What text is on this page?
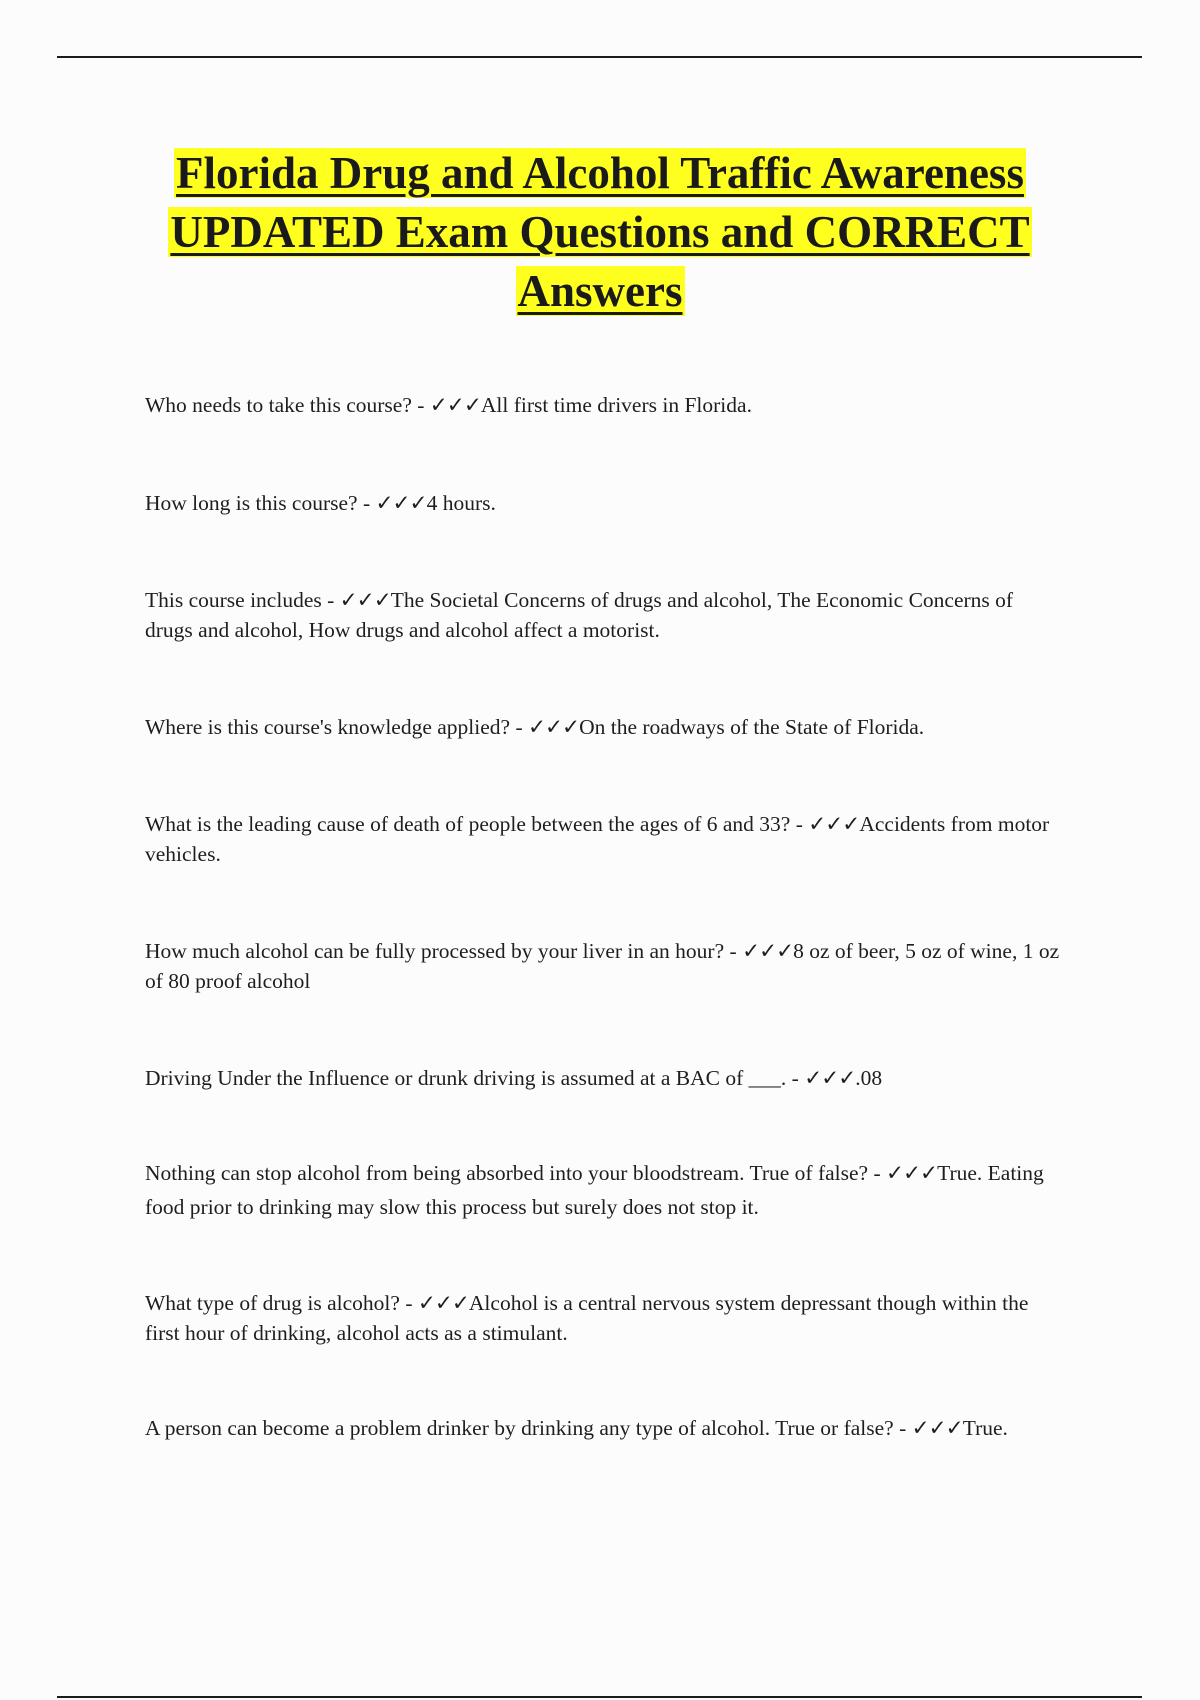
Florida Drug and Alcohol Traffic Awareness UPDATED Exam Questions and CORRECT Answers

Who needs to take this course? - ✓✓✓All first time drivers in Florida.

How long is this course? - ✓✓✓4 hours.

This course includes - ✓✓✓The Societal Concerns of drugs and alcohol, The Economic Concerns of drugs and alcohol, How drugs and alcohol affect a motorist.

Where is this course's knowledge applied? - ✓✓✓On the roadways of the State of Florida.

What is the leading cause of death of people between the ages of 6 and 33? - ✓✓✓Accidents from motor vehicles.

How much alcohol can be fully processed by your liver in an hour? - ✓✓✓8 oz of beer, 5 oz of wine, 1 oz of 80 proof alcohol

Driving Under the Influence or drunk driving is assumed at a BAC of ___. - ✓✓✓.08

Nothing can stop alcohol from being absorbed into your bloodstream. True of false? - ✓✓✓True. Eating food prior to drinking may slow this process but surely does not stop it.

What type of drug is alcohol? - ✓✓✓Alcohol is a central nervous system depressant though within the first hour of drinking, alcohol acts as a stimulant.

A person can become a problem drinker by drinking any type of alcohol. True or false? - ✓✓✓True.
